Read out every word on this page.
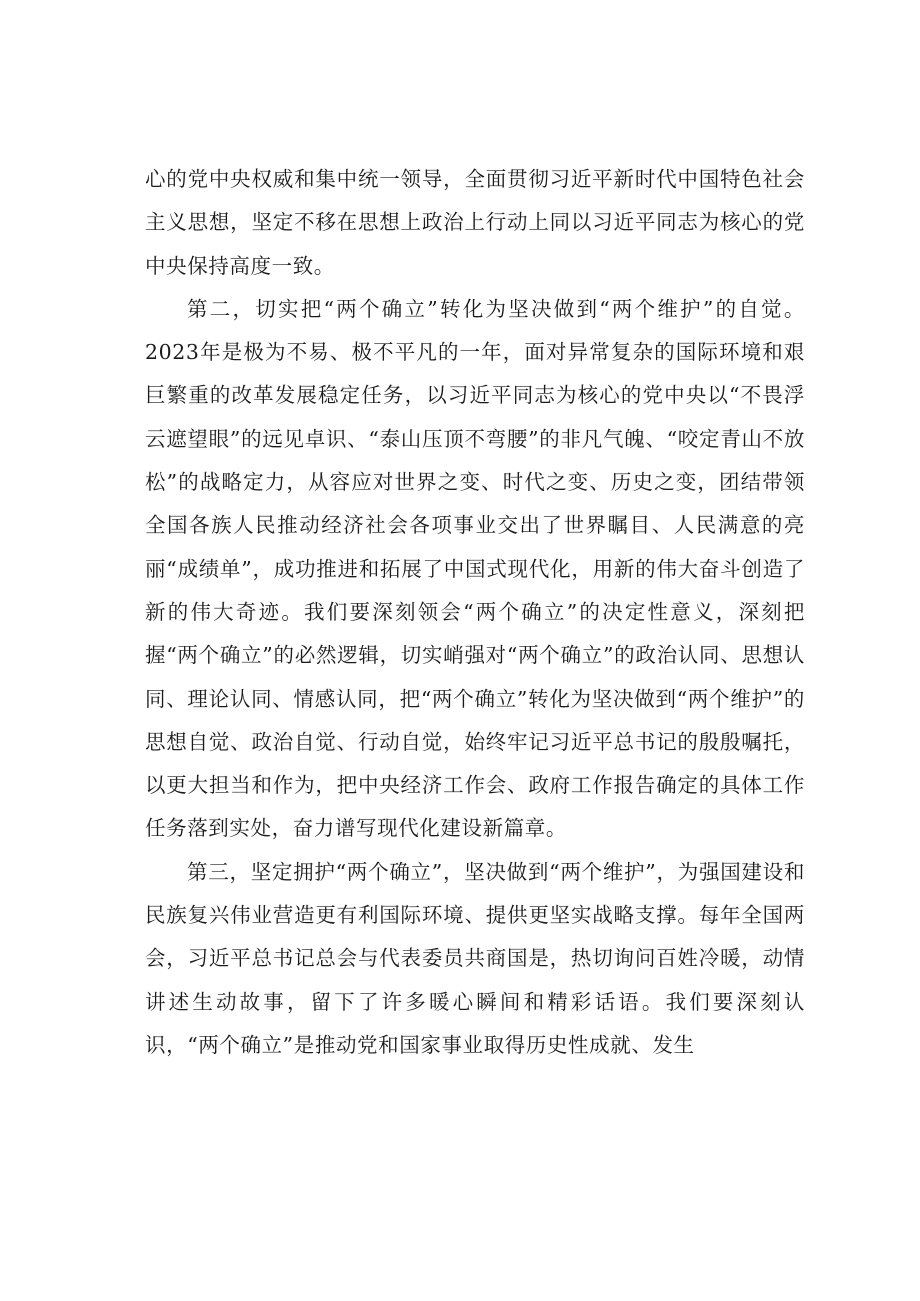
心的党中央权威和集中统一领导，全面贯彻习近平新时代中国特色社会主义思想，坚定不移在思想上政治上行动上同以习近平同志为核心的党中央保持高度一致。

第二，切实把“两个确立”转化为坚决做到“两个维护”的自觉。2023年是极为不易、极不平凡的一年，面对异常复杂的国际环境和艰巨繁重的改革发展稳定任务，以习近平同志为核心的党中央以“不畏浮云遮望眼”的远见卓识、“泰山压顶不弯腰”的非凡气魄、“咬定青山不放松”的战略定力，从容应对世界之变、时代之变、历史之变，团结带领全国各族人民推动经济社会各项事业交出了世界瞩目、人民满意的亮丽“成绩单”，成功推进和拓展了中国式现代化，用新的伟大奋斗创造了新的伟大奇迹。我们要深刻领会“两个确立”的决定性意义，深刻把握“两个确立”的必然逻辑，切实峭强对“两个确立”的政治认同、思想认同、理论认同、情感认同，把“两个确立”转化为坚决做到“两个维护”的思想自觉、政治自觉、行动自觉，始终牢记习近平总书记的殷殷嘱托，以更大担当和作为，把中央经济工作会、政府工作报告确定的具体工作任务落到实处，奋力谱写现代化建设新篇章。

第三，坚定拥护“两个确立”，坚决做到“两个维护”，为强国建设和民族复兴伟业营造更有利国际环境、提供更坚实战略支撑。每年全国两会，习近平总书记总会与代表委员共商国是，热切询问百姓冷暖，动情讲述生动故事，留下了许多暖心瞬间和精彩话语。我们要深刻认识，“两个确立”是推动党和国家事业取得历史性成就、发生
